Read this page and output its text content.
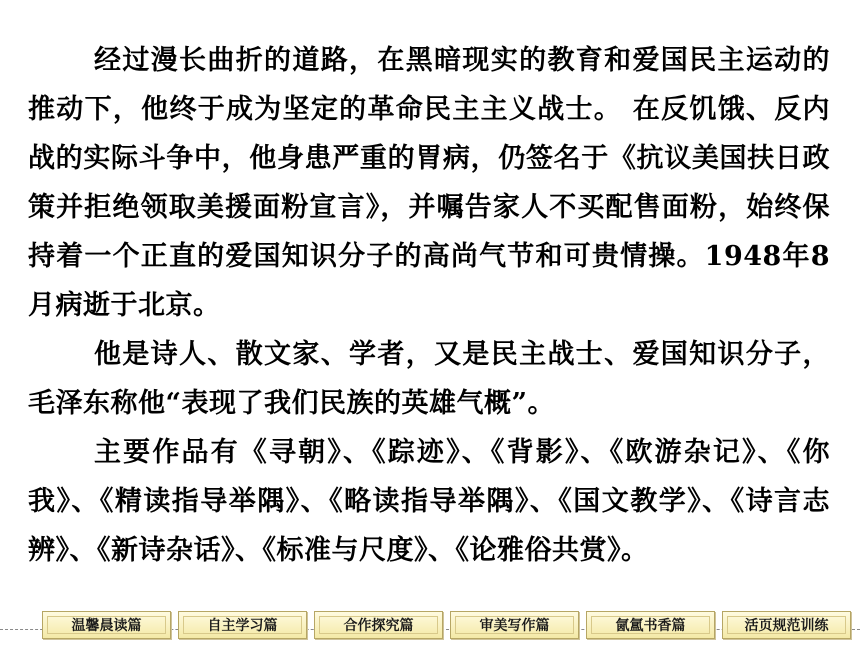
经过漫长曲折的道路，在黑暗现实的教育和爱国民主运动的推动下，他终于成为坚定的革命民主主义战士。 在反饥饿、反内战的实际斗争中，他身患严重的胃病，仍签名于《抗议美国扶日政策并拒绝领取美援面粉宣言》，并嘱告家人不买配售面粉，始终保持着一个正直的爱国知识分子的高尚气节和可贵情操。1948年8月病逝于北京。

他是诗人、散文家、学者，又是民主战士、爱国知识分子，毛泽东称他“表现了我们民族的英雄气概”。

主要作品有《寻朝》、《踪迹》、《背影》、《欧游杂记》、《你我》、《精读指导举隅》、《略读指导举隅》、《国文教学》、《诗言志辨》、《新诗杂话》、《标准与尺度》、《论雅俗共赏》。

温馨晨读篇	自主学习篇	合作探究篇	审美写作篇	氤氲书香篇	活页规范训练
